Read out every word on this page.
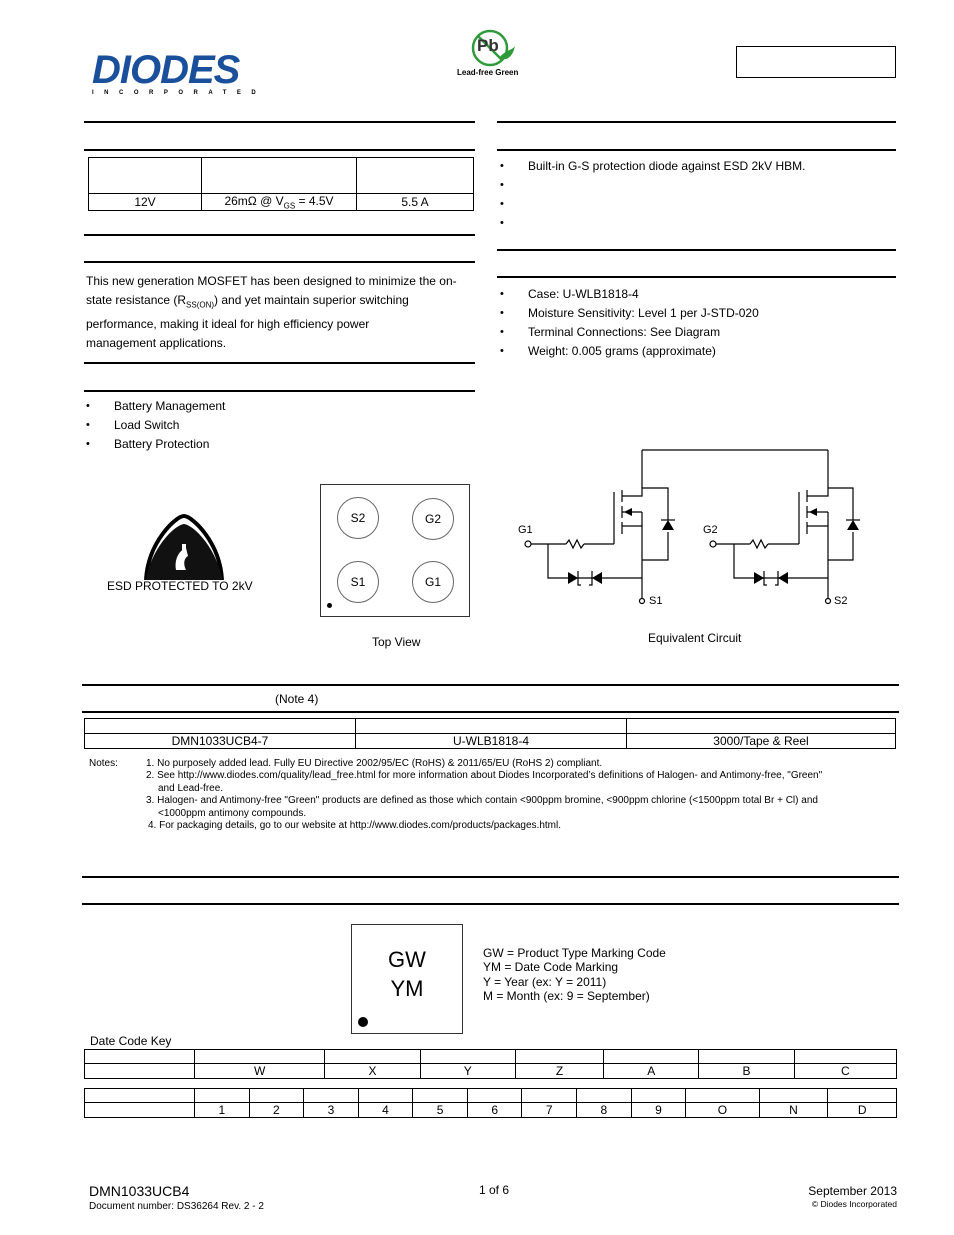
DIODES
INCORPORATED
Pb
Lead-free Green

12V	26mΩ @ $V_{GS} = 4.5V$	5.5 A
This new generation MOSFET has been designed to minimize the on-
state resistance $(R_{SS(ON)})$ and yet maintain superior switching
performance, making it ideal for high efficiency power
management applications.
• Battery Management
• Load Switch
• Battery Protection
• Built-in G-S protection diode against ESD 2kV HBM.
•
•
•
• Case: U-WLB1818-4
• Moisture Sensitivity: Level 1 per J-STD-020
• Terminal Connections: See Diagram
• Weight: 0.005 grams (approximate)
ESD PROTECTED TO 2kV
S2	G2
S1	G1
Top View
G1	G2
S1	S2
Equivalent Circuit
(Note 4)

DMN1033UCB4-7	U-WLB1818-4	3000/Tape & Reel
Notes:	1. No purposely added lead. Fully EU Directive 2002/95/EC (RoHS) & 2011/65/EU (RoHS 2) compliant.
2. See http://www.diodes.com/quality/lead_free.html for more information about Diodes Incorporated’s definitions of Halogen- and Antimony-free, "Green"
and Lead-free.
3. Halogen- and Antimony-free "Green" products are defined as those which contain <900ppm bromine, <900ppm chlorine (<1500ppm total Br + Cl) and
<1000ppm antimony compounds.
4. For packaging details, go to our website at http://www.diodes.com/products/packages.html.
GW
YM
GW = Product Type Marking Code
YM = Date Code Marking
Y = Year (ex: Y = 2011)
M = Month (ex: 9 = September)
Date Code Key

	W	X	Y	Z	A	B	C

	1	2	3	4	5	6	7	8	9	O	N	D
DMN1033UCB4
Document number: DS36264 Rev. 2 - 2
1 of 6	September 2013
© Diodes Incorporated
